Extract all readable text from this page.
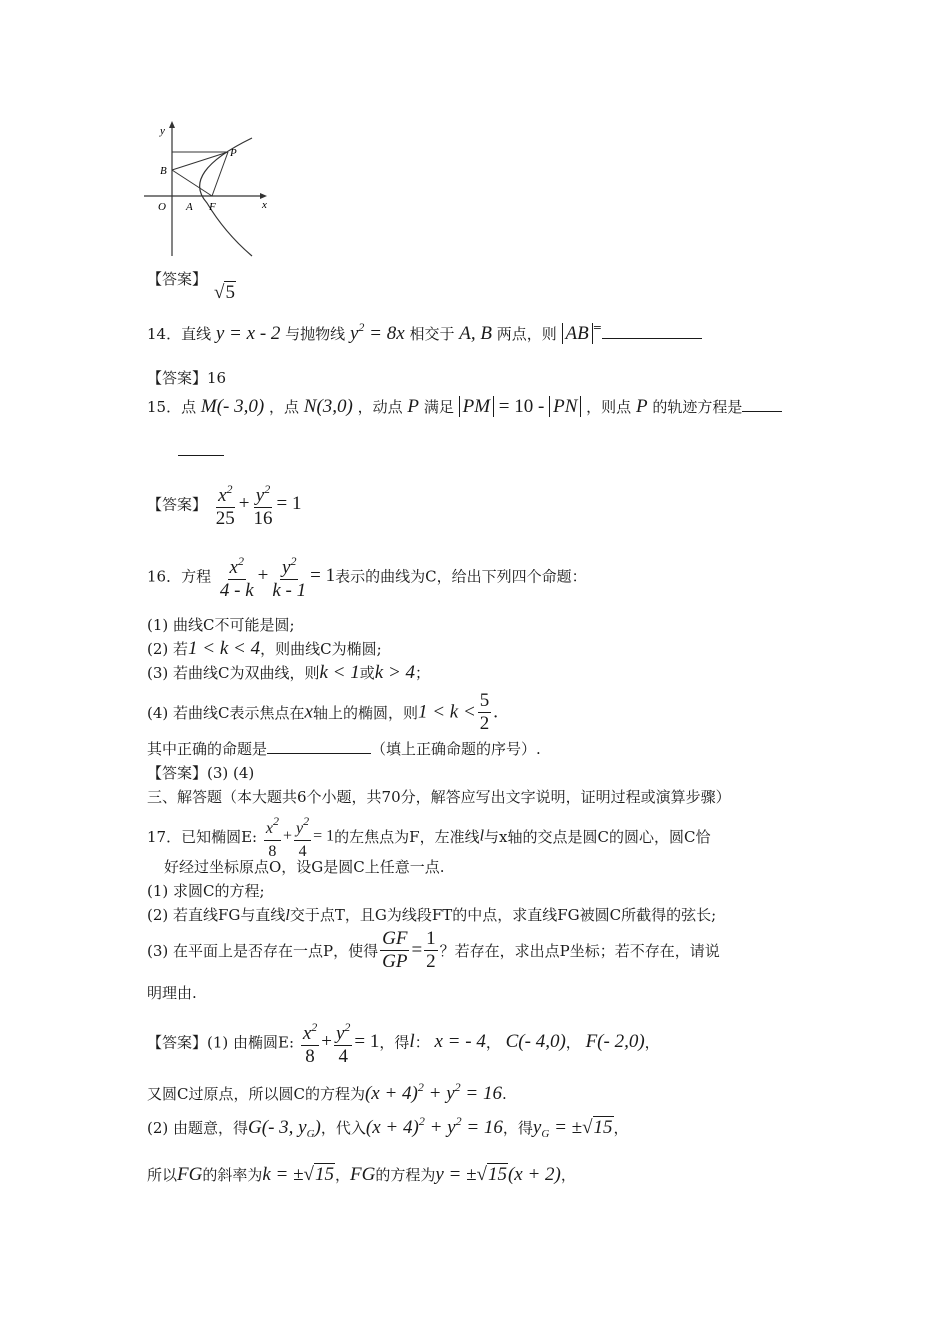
y
x
B
P
O A F
【答案】
√5
14．直线 y = x - 2 与抛物线 $y^2 = 8x$ 相交于 A, B 两点，则 AB =
【答案】16
15．点 M(- 3,0) ，点 N(3,0) ，动点 P 满足 PM = 10 - PN ，则点 P 的轨迹方程是
【答案】 $\frac{x^2}{25} + \frac{y^2}{16} = 1$
16．方程 $\frac{x^2}{4 - k} + \frac{y^2}{k - 1} = 1$表示的曲线为C，给出下列四个命题：
(1) 曲线C不可能是圆;
(2) 若1 < k < 4，则曲线C为椭圆;
(3) 若曲线C为双曲线，则k < 1或k > 4；
(4) 若曲线C表示焦点在x轴上的椭圆，则$1 < k < \frac{5}{2}$ .
其中正确的命题是	（填上正确命题的序号）.
【答案】(3) (4)
三、解答题（本大题共6个小题，共70分，解答应写出文字说明，证明过程或演算步骤）
17．已知椭圆E: $\frac{x^2}{8} + \frac{y^2}{4} = 1$的左焦点为F，左准线l与x轴的交点是圆C的圆心，圆C恰
好经过坐标原点O，设G是圆C上任意一点.
(1) 求圆C的方程;
(2) 若直线FG与直线l交于点T，且G为线段FT的中点，求直线FG被圆C所截得的弦长;
(3) 在平面上是否存在一点P，使得 $\frac{GF}{GP} = \frac{1}{2}$ ？若存在，求出点P坐标；若不存在，请说
明理由.
【答案】(1) 由椭圆E: $\frac{x^2}{8} + \frac{y^2}{4} = 1$，得l： x = - 4， C(- 4,0)， F(- 2,0)，
又圆C过原点，所以圆C的方程为$(x + 4)^2 + y^2 = 16$.
(2) 由题意，得G(- 3, $y_G$)，代入$(x + 4)^2 + y^2 = 16$，得$y_G = \pm√15$，
所以FG的斜率为k = ±√15，FG的方程为y = ±√15(x + 2)，
